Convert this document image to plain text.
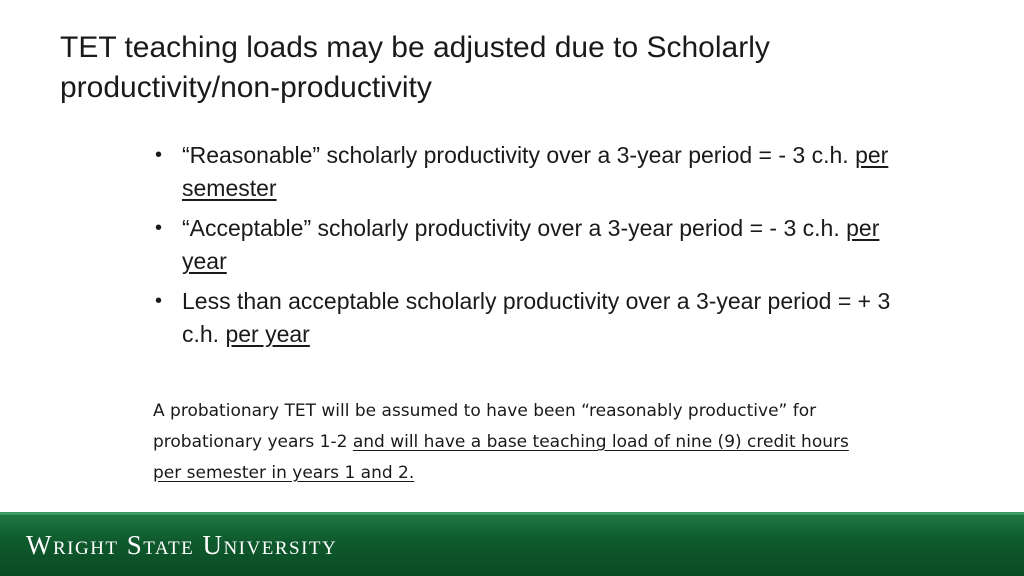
TET teaching loads may be adjusted due to Scholarly productivity/non-productivity
• “Reasonable” scholarly productivity over a 3-year period = - 3 c.h. per semester
• “Acceptable” scholarly productivity over a 3-year period = - 3 c.h. per year
• Less than acceptable scholarly productivity over a 3-year period = + 3 c.h. per year

A probationary TET will be assumed to have been “reasonably productive” for probationary years 1-2 and will have a base teaching load of nine (9) credit hours per semester in years 1 and 2.

Wright State University
